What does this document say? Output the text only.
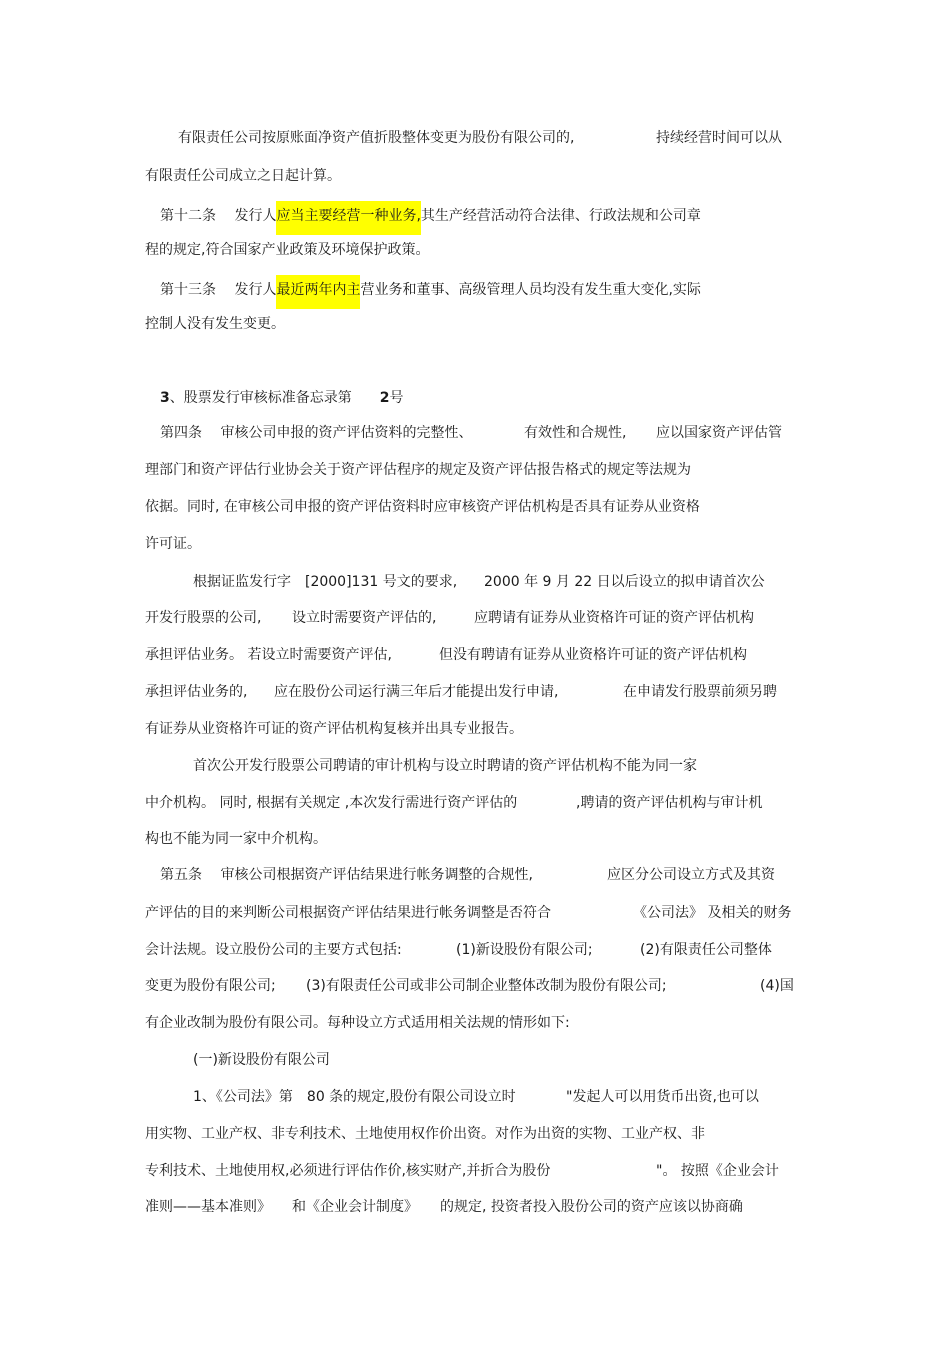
有限责任公司按原账面净资产值折股整体变更为股份有限公司的,	持续经营时间可以从
有限责任公司成立之日起计算。
第十二条　 发行人应当主要经营一种业务,其生产经营活动符合法律、行政法规和公司章
程的规定,符合国家产业政策及环境保护政策。
第十三条　 发行人最近两年内主营业务和董事、高级管理人员均没有发生重大变化,实际
控制人没有发生变更。
3、股票发行审核标准备忘录第 2号
第四条　 审核公司申报的资产评估资料的完整性、	有效性和合规性, 应以国家资产评估管
理部门和资产评估行业协会关于资产评估程序的规定及资产评估报告格式的规定等法规为
依据。同时, 在审核公司申报的资产评估资料时应审核资产评估机构是否具有证券从业资格
许可证。
根据证监发行字　[2000]131 号文的要求, 2000 年 9 月 22 日以后设立的拟申请首次公
开发行股票的公司, 设立时需要资产评估的,	应聘请有证券从业资格许可证的资产评估机构
承担评估业务。 若设立时需要资产评估,	但没有聘请有证券从业资格许可证的资产评估机构
承担评估业务的, 应在股份公司运行满三年后才能提出发行申请,	在申请发行股票前须另聘
有证券从业资格许可证的资产评估机构复核并出具专业报告。
首次公开发行股票公司聘请的审计机构与设立时聘请的资产评估机构不能为同一家
中介机构。 同时, 根据有关规定 ,本次发行需进行资产评估的	,聘请的资产评估机构与审计机
构也不能为同一家中介机构。
第五条　 审核公司根据资产评估结果进行帐务调整的合规性,	应区分公司设立方式及其资
产评估的目的来判断公司根据资产评估结果进行帐务调整是否符合	《公司法》 及相关的财务
会计法规。设立股份公司的主要方式包括:	(1)新设股份有限公司;	(2)有限责任公司整体
变更为股份有限公司; (3)有限责任公司或非公司制企业整体改制为股份有限公司;	(4)国
有企业改制为股份有限公司。每种设立方式适用相关法规的情形如下:
(一)新设股份有限公司
1、《公司法》第　80 条的规定,股份有限公司设立时	"发起人可以用货币出资,也可以
用实物、工业产权、非专利技术、土地使用权作价出资。对作为出资的实物、工业产权、非
专利技术、土地使用权,必须进行评估作价,核实财产,并折合为股份	"。 按照《企业会计
准则——基本准则》 和《企业会计制度》 的规定, 投资者投入股份公司的资产应该以协商确
